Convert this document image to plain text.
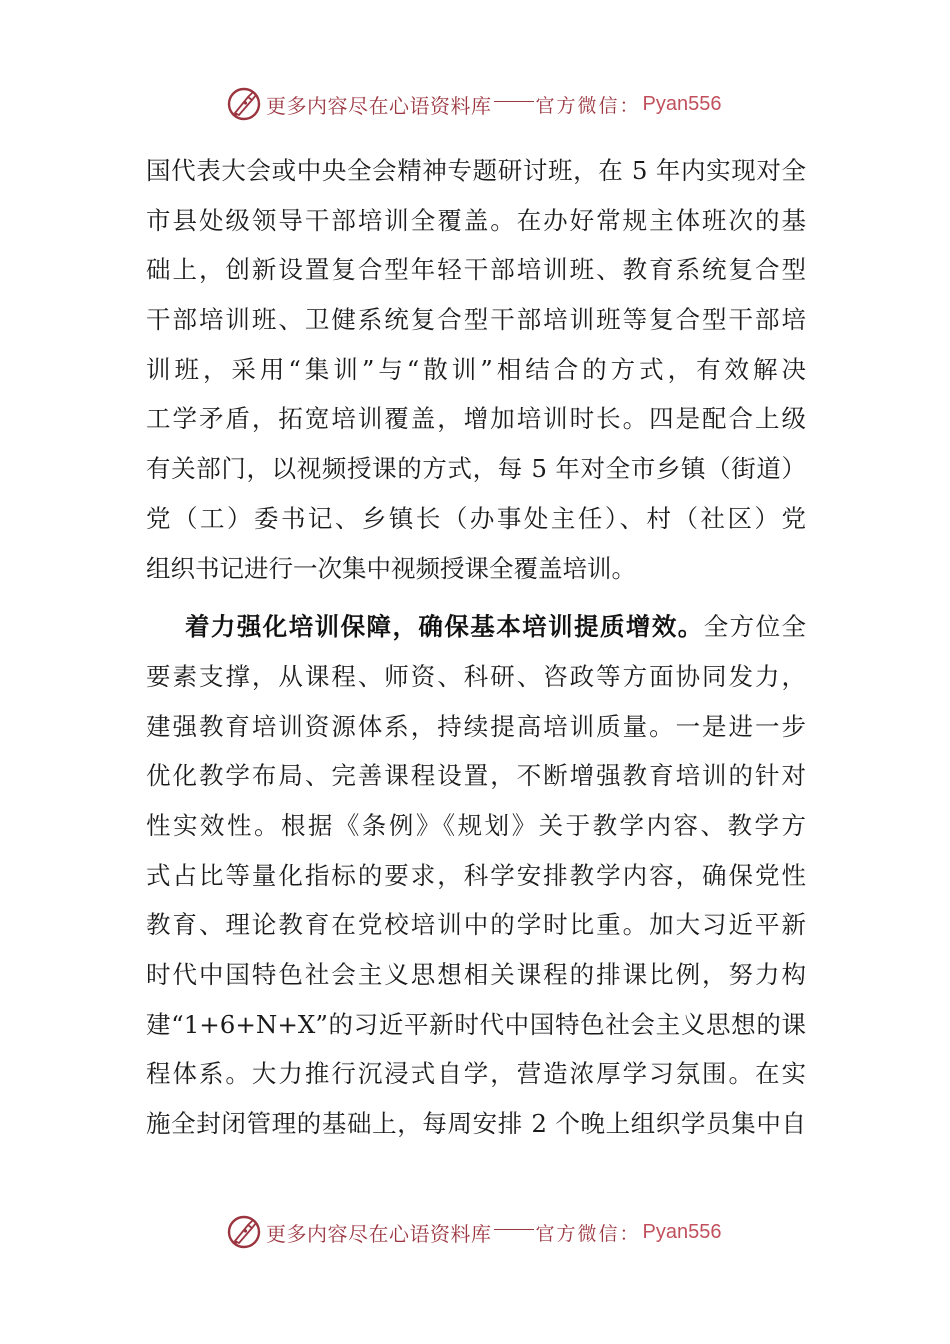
更多内容尽在心语资料库 官方微信： Pyan556
国代表大会或中央全会精神专题研讨班，在 5 年内实现对全
市县处级领导干部培训全覆盖。在办好常规主体班次的基
础上，创新设置复合型年轻干部培训班、教育系统复合型
干部培训班、卫健系统复合型干部培训班等复合型干部培
训班，采用“集训”与“散训”相结合的方式，有效解决
工学矛盾，拓宽培训覆盖，增加培训时长。四是配合上级
有关部门，以视频授课的方式，每 5 年对全市乡镇（街道）
党（工）委书记、乡镇长（办事处主任）、村（社区）党
组织书记进行一次集中视频授课全覆盖培训。
着力强化培训保障，确保基本培训提质增效。全方位全
要素支撑，从课程、师资、科研、咨政等方面协同发力，
建强教育培训资源体系，持续提高培训质量。一是进一步
优化教学布局、完善课程设置，不断增强教育培训的针对
性实效性。根据《条例》《规划》关于教学内容、教学方
式占比等量化指标的要求，科学安排教学内容，确保党性
教育、理论教育在党校培训中的学时比重。加大习近平新
时代中国特色社会主义思想相关课程的排课比例，努力构
建“1+6+N+X”的习近平新时代中国特色社会主义思想的课
程体系。大力推行沉浸式自学，营造浓厚学习氛围。在实
施全封闭管理的基础上，每周安排 2 个晚上组织学员集中自
更多内容尽在心语资料库 官方微信： Pyan556
